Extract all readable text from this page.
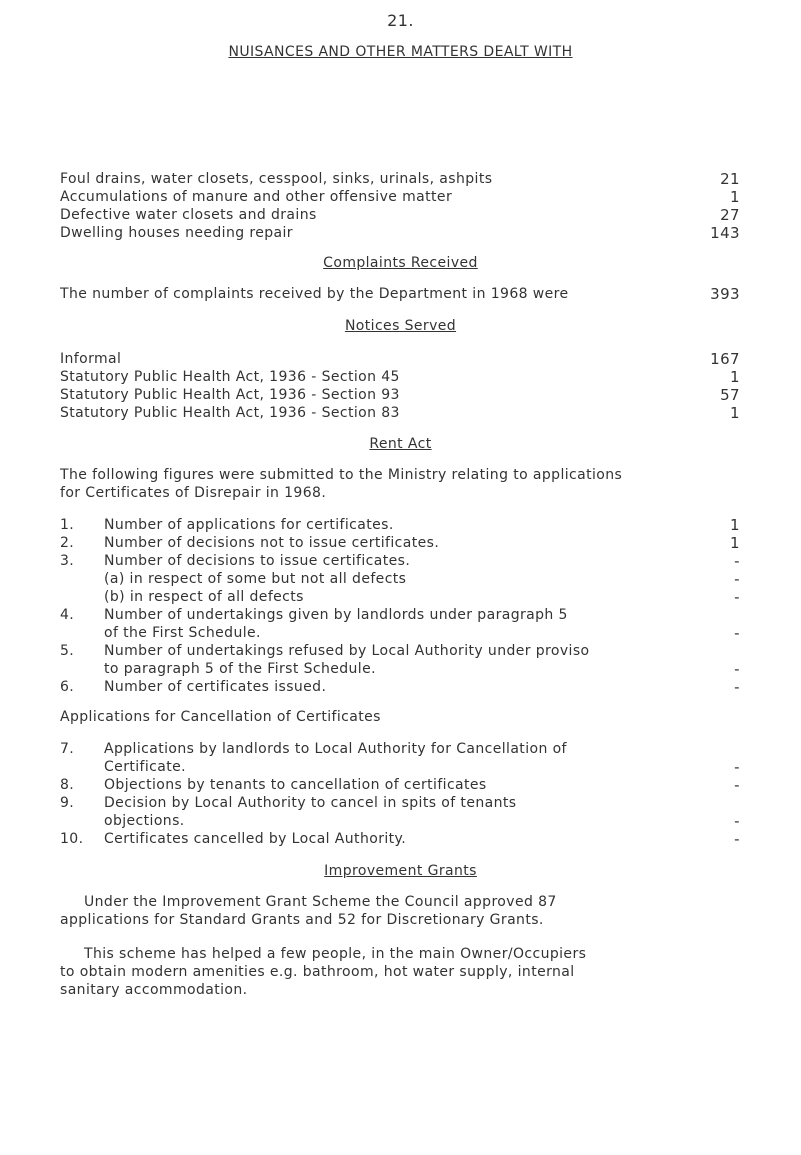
21.
NUISANCES AND OTHER MATTERS DEALT WITH
Foul drains, water closets, cesspool, sinks, urinals, ashpits	21
Accumulations of manure and other offensive matter	1
Defective water closets and drains	27
Dwelling houses needing repair	143
Complaints Received
The number of complaints received by the Department in 1968 were	393
Notices Served
Informal	167
Statutory Public Health Act, 1936 - Section 45	1
Statutory Public Health Act, 1936 - Section 93	57
Statutory Public Health Act, 1936 - Section 83	1
Rent Act
The following figures were submitted to the Ministry relating to applications
for Certificates of Disrepair in 1968.
1. Number of applications for certificates.	1
2. Number of decisions not to issue certificates.	1
3. Number of decisions to issue certificates.	-
(a) in respect of some but not all defects	-
(b) in respect of all defects	-
4. Number of undertakings given by landlords under paragraph 5
of the First Schedule.	-
5. Number of undertakings refused by Local Authority under proviso
to paragraph 5 of the First Schedule.	-
6. Number of certificates issued.	-
Applications for Cancellation of Certificates
7. Applications by landlords to Local Authority for Cancellation of
Certificate.	-
8. Objections by tenants to cancellation of certificates	-
9. Decision by Local Authority to cancel in spits of tenants
objections.	-
10. Certificates cancelled by Local Authority.	-
Improvement Grants
Under the Improvement Grant Scheme the Council approved 87
applications for Standard Grants and 52 for Discretionary Grants.
This scheme has helped a few people, in the main Owner/Occupiers
to obtain modern amenities e.g. bathroom, hot water supply, internal
sanitary accommodation.
